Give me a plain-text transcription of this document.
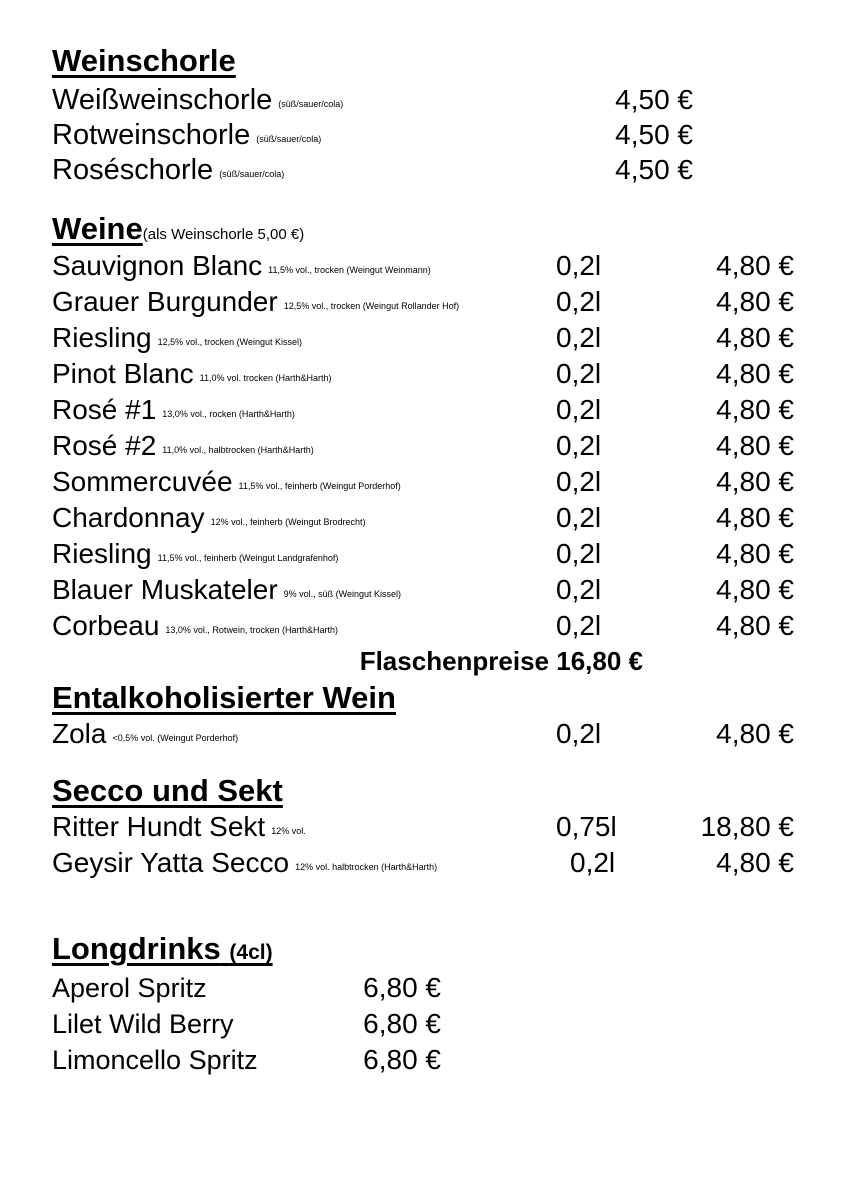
Weinschorle
Weißweinschorle (süß/sauer/cola)	4,50 €
Rotweinschorle (süß/sauer/cola)	4,50 €
Roséschorle (süß/sauer/cola)	4,50 €
Weine(als Weinschorle 5,00 €)
Sauvignon Blanc 11,5% vol., trocken (Weingut Weinmann)	0,2l	4,80 €
Grauer Burgunder 12,5% vol., trocken (Weingut Rollander Hof)	0,2l	4,80 €
Riesling 12,5% vol., trocken (Weingut Kissel)	0,2l	4,80 €
Pinot Blanc 11,0% vol. trocken (Harth&Harth)	0,2l	4,80 €
Rosé #1 13,0% vol., rocken (Harth&Harth)	0,2l	4,80 €
Rosé #2 11,0% vol., halbtrocken (Harth&Harth)	0,2l	4,80 €
Sommercuvée 11,5% vol., feinherb (Weingut Porderhof)	0,2l	4,80 €
Chardonnay 12% vol., feinherb (Weingut Brodrecht)	0,2l	4,80 €
Riesling 11,5% vol., feinherb (Weingut Landgrafenhof)	0,2l	4,80 €
Blauer Muskateler 9% vol., süß (Weingut Kissel)	0,2l	4,80 €
Corbeau 13,0% vol., Rotwein, trocken (Harth&Harth)	0,2l	4,80 €
Flaschenpreise 16,80 €
Entalkoholisierter Wein
Zola <0,5% vol. (Weingut Porderhof)	0,2l	4,80 €
Secco und Sekt
Ritter Hundt Sekt 12% vol.	0,75l	18,80 €
Geysir Yatta Secco 12% vol. halbtrocken (Harth&Harth)	0,2l	4,80 €
Longdrinks (4cl)
Aperol Spritz	6,80 €
Lilet Wild Berry	6,80 €
Limoncello Spritz	6,80 €
